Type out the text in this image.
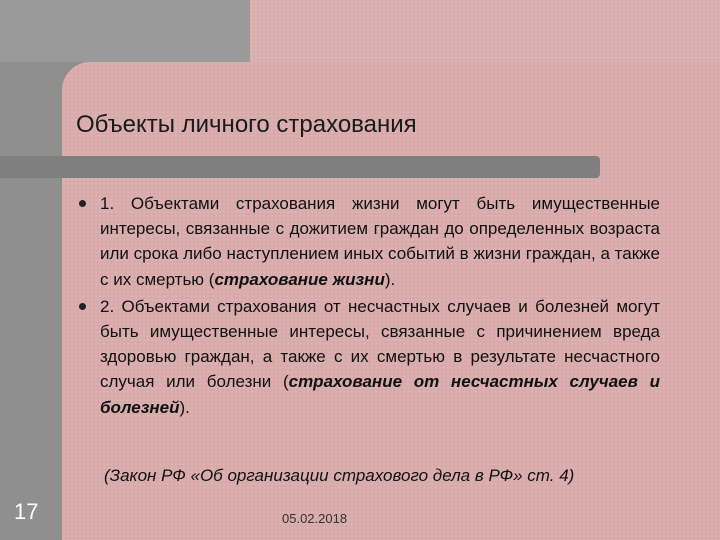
Объекты личного страхования
1. Объектами страхования жизни могут быть имущественные интересы, связанные с дожитием граждан до определенных возраста или срока либо наступлением иных событий в жизни граждан, а также с их смертью (страхование жизни).
2. Объектами страхования от несчастных случаев и болезней могут быть имущественные интересы, связанные с причинением вреда здоровью граждан, а также с их смертью в результате несчастного случая или болезни (страхование от несчастных случаев и болезней).
(Закон РФ «Об организации страхового дела в РФ» ст. 4)
17	05.02.2018
